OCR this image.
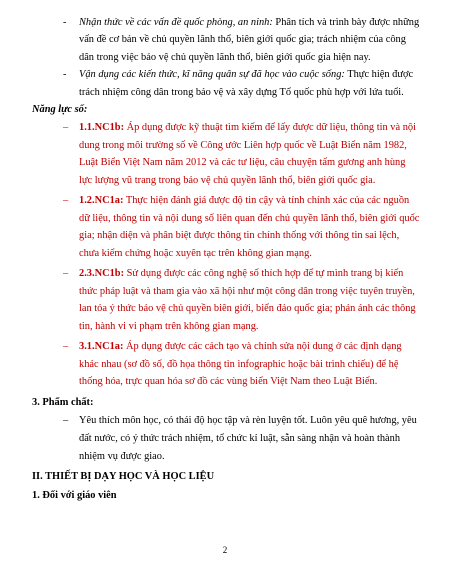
- Nhận thức về các vấn đề quốc phòng, an ninh: Phân tích và trình bày được những
vấn đề cơ bản về chủ quyền lãnh thổ, biên giới quốc gia; trách nhiệm của công
dân trong việc bảo vệ chủ quyền lãnh thổ, biên giới quốc gia hiện nay.
- Vận dụng các kiến thức, kĩ năng quân sự đã học vào cuộc sống: Thực hiện được
trách nhiệm công dân trong bảo vệ và xây dựng Tổ quốc phù hợp với lứa tuổi.
Năng lực số:
– 1.1.NC1b: Áp dụng được kỹ thuật tìm kiếm để lấy được dữ liệu, thông tin và nội
dung trong môi trường số về Công ước Liên hợp quốc về Luật Biển năm 1982,
Luật Biển Việt Nam năm 2012 và các tư liệu, câu chuyện tấm gương anh hùng
lực lượng vũ trang trong bảo vệ chủ quyền lãnh thổ, biên giới quốc gia.
– 1.2.NC1a: Thực hiện đánh giá được độ tin cậy và tính chính xác của các nguồn
dữ liệu, thông tin và nội dung số liên quan đến chủ quyền lãnh thổ, biên giới quốc
gia; nhận diện và phân biệt được thông tin chính thống với thông tin sai lệch,
chưa kiểm chứng hoặc xuyên tạc trên không gian mạng.
– 2.3.NC1b: Sử dụng được các công nghệ số thích hợp để tự mình trang bị kiến
thức pháp luật và tham gia vào xã hội như một công dân trong việc tuyên truyền,
lan tỏa ý thức bảo vệ chủ quyền biên giới, biển đảo quốc gia; phản ánh các thông
tin, hành vi vi phạm trên không gian mạng.
– 3.1.NC1a: Áp dụng được các cách tạo và chỉnh sửa nội dung ở các định dạng
khác nhau (sơ đồ số, đồ họa thông tin infographic hoặc bài trình chiếu) để hệ
thống hóa, trực quan hóa sơ đồ các vùng biển Việt Nam theo Luật Biển.
3. Phẩm chất:
– Yêu thích môn học, có thái độ học tập và rèn luyện tốt. Luôn yêu quê hương, yêu
đất nước, có ý thức trách nhiệm, tổ chức kỉ luật, sẵn sàng nhận và hoàn thành
nhiệm vụ được giao.
II. THIẾT BỊ DẠY HỌC VÀ HỌC LIỆU
1. Đối với giáo viên
2
